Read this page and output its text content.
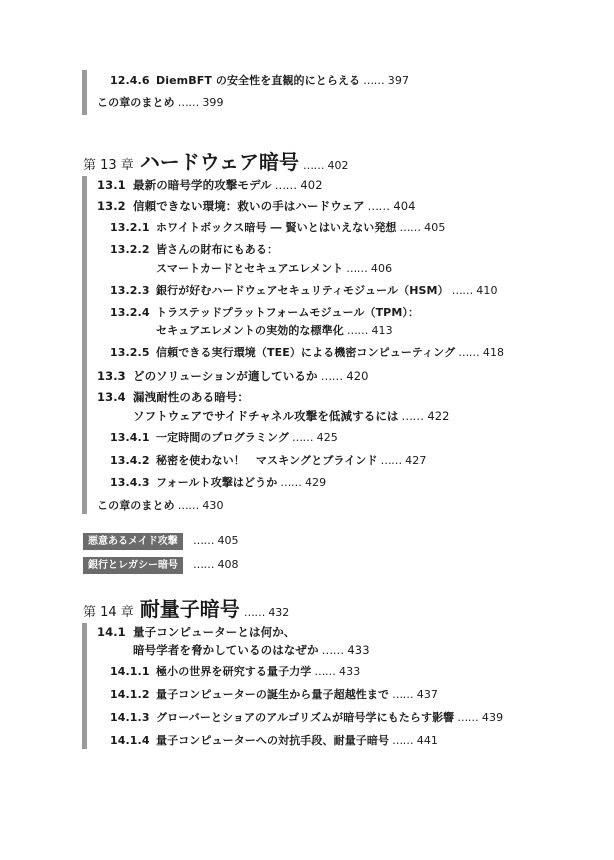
12.4.6 DiemBFT の安全性を直観的にとらえる …… 397
この章のまとめ …… 399
第 13 章 ハードウェア暗号 …… 402
13.1 最新の暗号学的攻撃モデル …… 402
13.2 信頼できない環境：救いの手はハードウェア …… 404
13.2.1 ホワイトボックス暗号 ― 賢いとはいえない発想 …… 405
13.2.2 皆さんの財布にもある：
スマートカードとセキュアエレメント …… 406
13.2.3 銀行が好むハードウェアセキュリティモジュール（HSM） …… 410
13.2.4 トラステッドプラットフォームモジュール（TPM）：
セキュアエレメントの実効的な標準化 …… 413
13.2.5 信頼できる実行環境（TEE）による機密コンピューティング …… 418
13.3 どのソリューションが適しているか …… 420
13.4 漏洩耐性のある暗号：
ソフトウェアでサイドチャネル攻撃を低減するには …… 422
13.4.1 一定時間のプログラミング …… 425
13.4.2 秘密を使わない！　マスキングとブラインド …… 427
13.4.3 フォールト攻撃はどうか …… 429
この章のまとめ …… 430
悪意あるメイド攻撃	…… 405
銀行とレガシー暗号	…… 408
第 14 章 耐量子暗号 …… 432
14.1 量子コンピューターとは何か、
暗号学者を脅かしているのはなぜか …… 433
14.1.1 極小の世界を研究する量子力学 …… 433
14.1.2 量子コンピューターの誕生から量子超越性まで …… 437
14.1.3 グローバーとショアのアルゴリズムが暗号学にもたらす影響 …… 439
14.1.4 量子コンピューターへの対抗手段、耐量子暗号 …… 441
